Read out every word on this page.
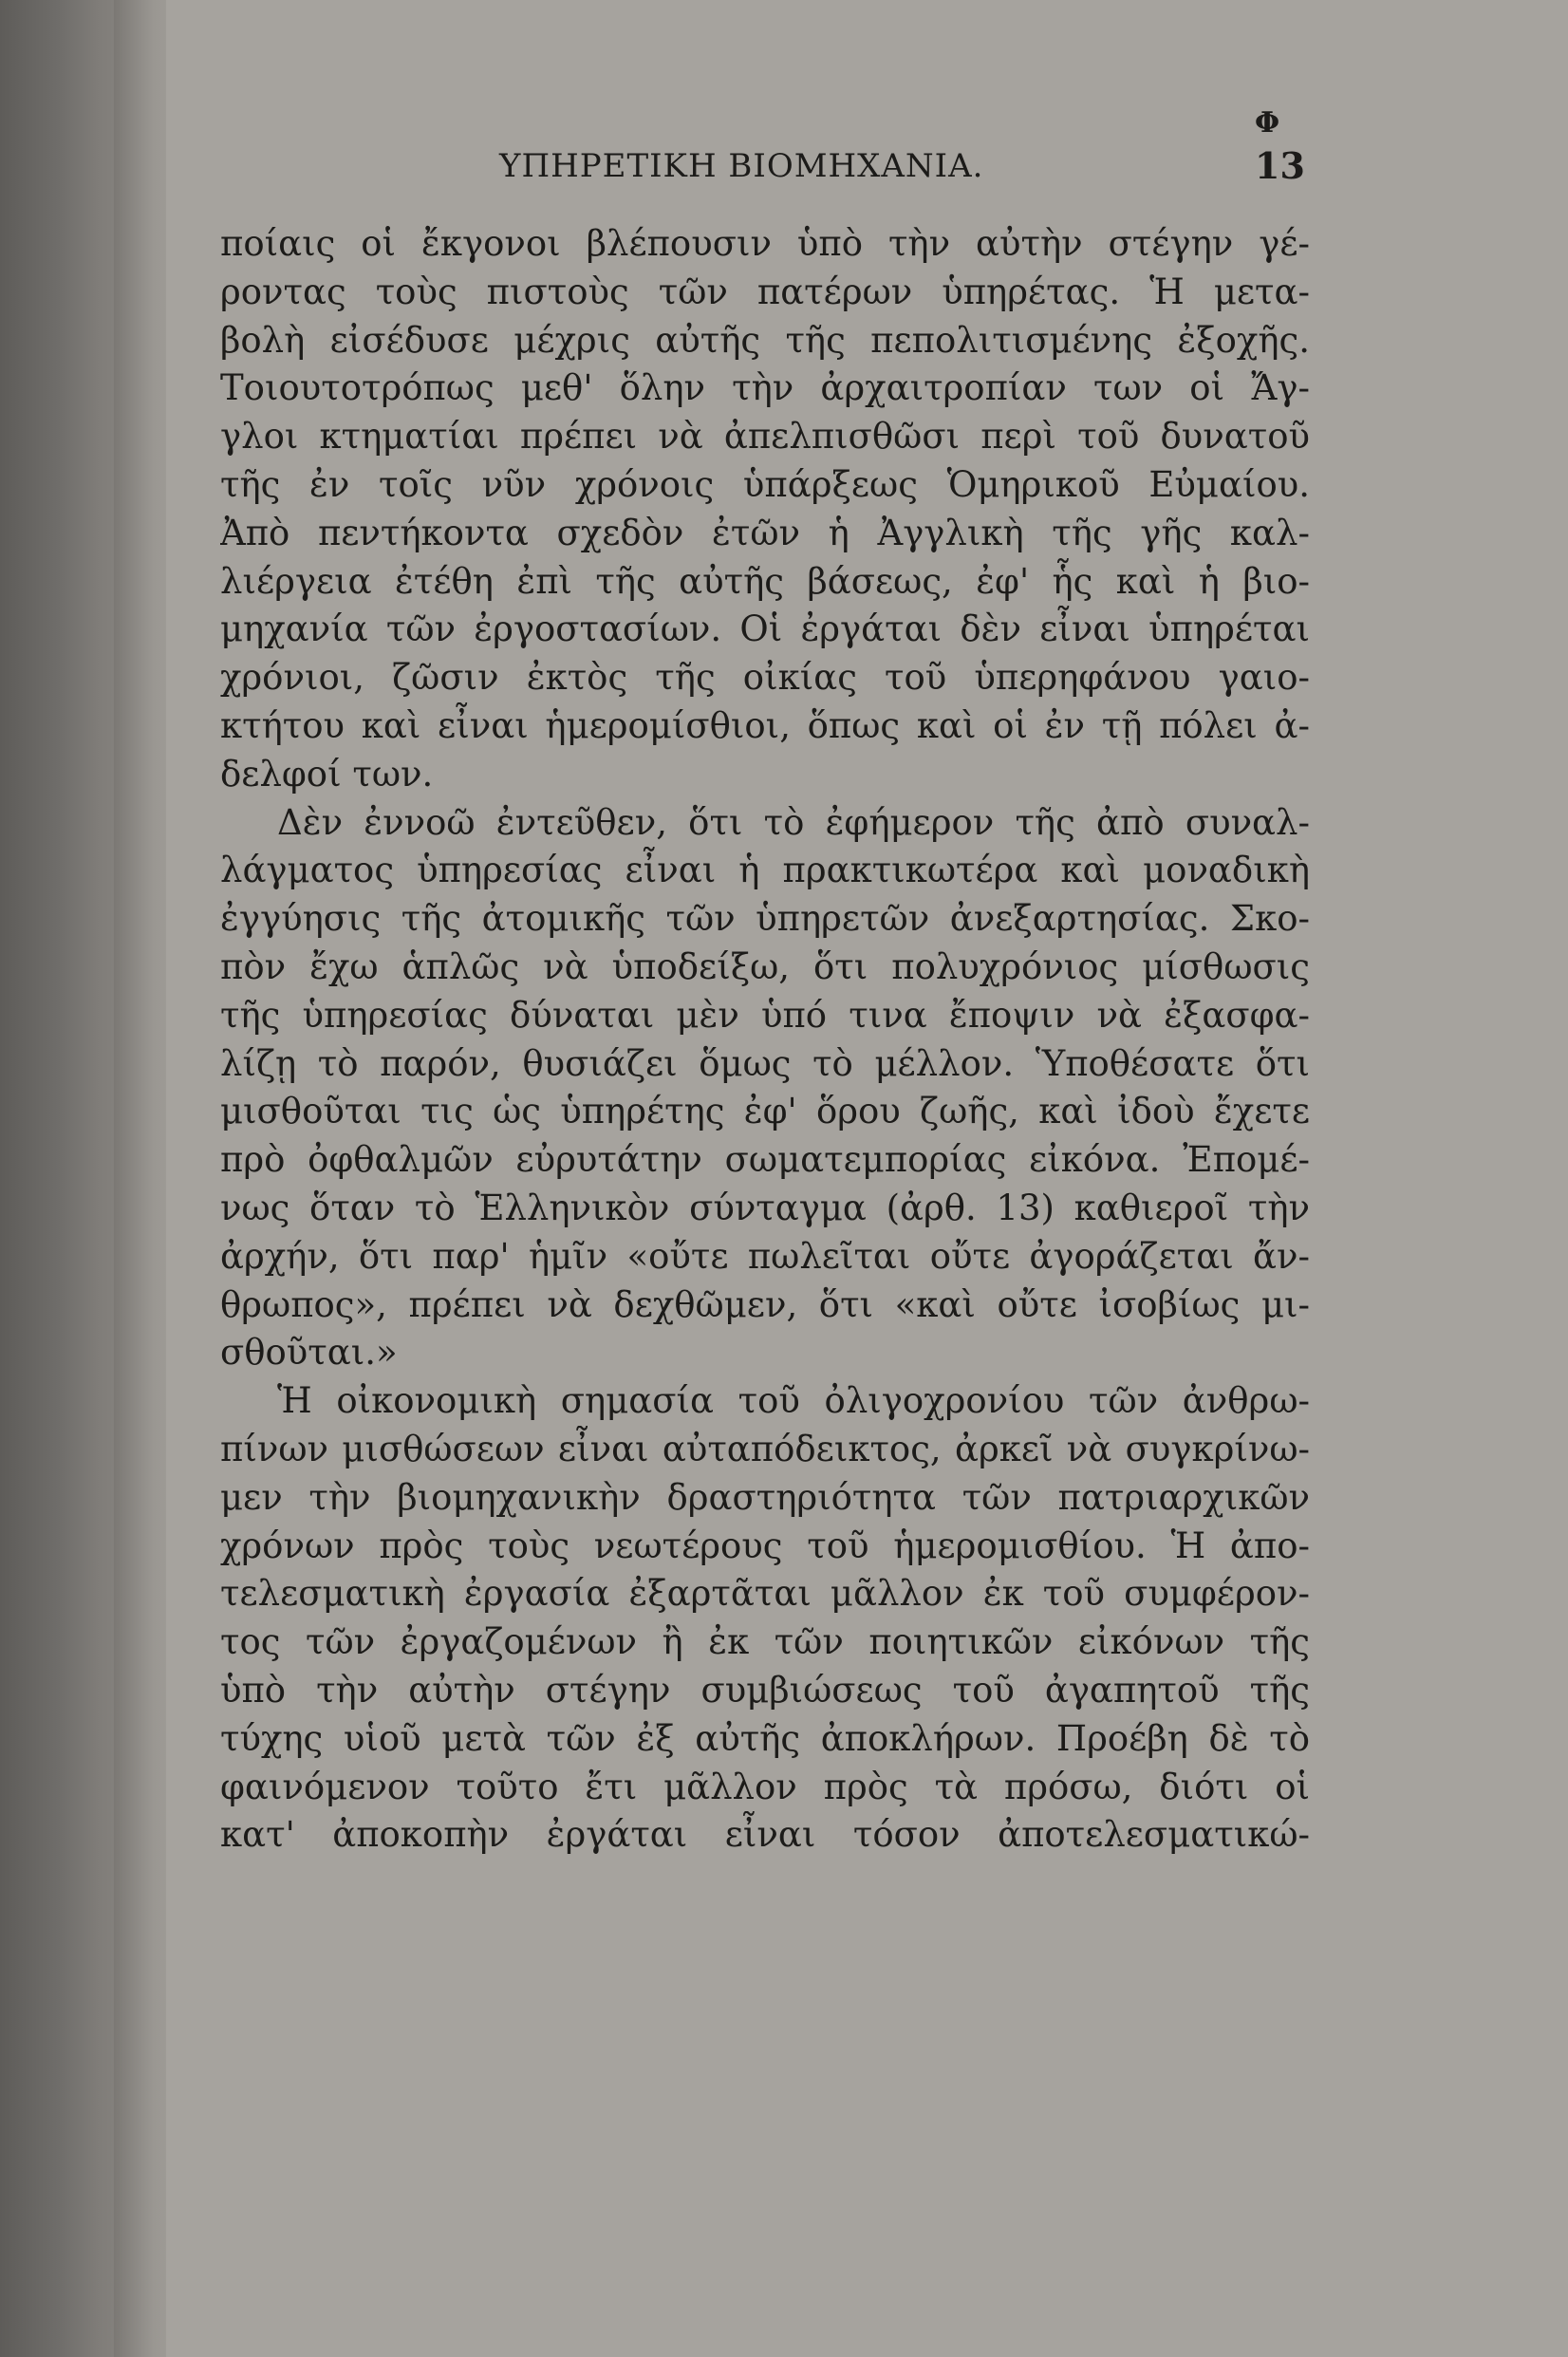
Φ
ΥΠΗΡΕΤΙΚΗ ΒΙΟΜΗΧΑΝΙΑ.	13
ποίαις οἱ ἔκγονοι βλέπουσιν ὑπὸ τὴν αὐτὴν στέγην γέ-
ροντας τοὺς πιστοὺς τῶν πατέρων ὑπηρέτας. Ἡ μετα-
βολὴ εἰσέδυσε μέχρις αὐτῆς τῆς πεπολιτισμένης ἐξοχῆς.
Τοιουτοτρόπως μεθ' ὅλην τὴν ἀρχαιτροπίαν των οἱ Ἄγ-
γλοι κτηματίαι πρέπει νὰ ἀπελπισθῶσι περὶ τοῦ δυνατοῦ
τῆς ἐν τοῖς νῦν χρόνοις ὑπάρξεως Ὁμηρικοῦ Εὐμαίου.
Ἀπὸ πεντήκοντα σχεδὸν ἐτῶν ἡ Ἀγγλικὴ τῆς γῆς καλ-
λιέργεια ἐτέθη ἐπὶ τῆς αὐτῆς βάσεως, ἐφ' ἧς καὶ ἡ βιο-
μηχανία τῶν ἐργοστασίων. Οἱ ἐργάται δὲν εἶναι ὑπηρέται
χρόνιοι, ζῶσιν ἐκτὸς τῆς οἰκίας τοῦ ὑπερηφάνου γαιο-
κτήτου καὶ εἶναι ἡμερομίσθιοι, ὅπως καὶ οἱ ἐν τῇ πόλει ἀ-
δελφοί των.
Δὲν ἐννοῶ ἐντεῦθεν, ὅτι τὸ ἐφήμερον τῆς ἀπὸ συναλ-
λάγματος ὑπηρεσίας εἶναι ἡ πρακτικωτέρα καὶ μοναδικὴ
ἐγγύησις τῆς ἀτομικῆς τῶν ὑπηρετῶν ἀνεξαρτησίας. Σκο-
πὸν ἔχω ἁπλῶς νὰ ὑποδείξω, ὅτι πολυχρόνιος μίσθωσις
τῆς ὑπηρεσίας δύναται μὲν ὑπό τινα ἔποψιν νὰ ἐξασφα-
λίζῃ τὸ παρόν, θυσιάζει ὅμως τὸ μέλλον. Ὑποθέσατε ὅτι
μισθοῦται τις ὡς ὑπηρέτης ἐφ' ὅρου ζωῆς, καὶ ἰδοὺ ἔχετε
πρὸ ὀφθαλμῶν εὐρυτάτην σωματεμπορίας εἰκόνα. Ἐπομέ-
νως ὅταν τὸ Ἑλληνικὸν σύνταγμα (ἀρθ. 13) καθιεροῖ τὴν
ἀρχήν, ὅτι παρ' ἡμῖν «οὔτε πωλεῖται οὔτε ἀγοράζεται ἄν-
θρωπος», πρέπει νὰ δεχθῶμεν, ὅτι «καὶ οὔτε ἰσοβίως μι-
σθοῦται.»
Ἡ οἰκονομικὴ σημασία τοῦ ὀλιγοχρονίου τῶν ἀνθρω-
πίνων μισθώσεων εἶναι αὐταπόδεικτος, ἀρκεῖ νὰ συγκρίνω-
μεν τὴν βιομηχανικὴν δραστηριότητα τῶν πατριαρχικῶν
χρόνων πρὸς τοὺς νεωτέρους τοῦ ἡμερομισθίου. Ἡ ἀπο-
τελεσματικὴ ἐργασία ἐξαρτᾶται μᾶλλον ἐκ τοῦ συμφέρον-
τος τῶν ἐργαζομένων ἢ ἐκ τῶν ποιητικῶν εἰκόνων τῆς
ὑπὸ τὴν αὐτὴν στέγην συμβιώσεως τοῦ ἀγαπητοῦ τῆς
τύχης υἱοῦ μετὰ τῶν ἐξ αὐτῆς ἀποκλήρων. Προέβη δὲ τὸ
φαινόμενον τοῦτο ἔτι μᾶλλον πρὸς τὰ πρόσω, διότι οἱ
κατ' ἀποκοπὴν ἐργάται εἶναι τόσον ἀποτελεσματικώ-
